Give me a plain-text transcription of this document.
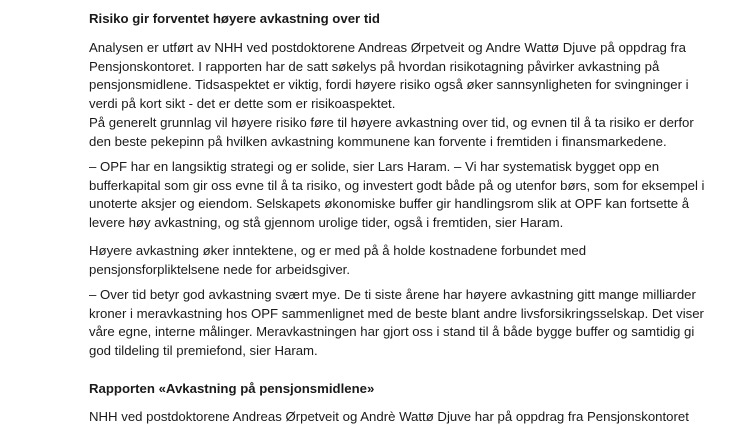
Risiko gir forventet høyere avkastning over tid

Analysen er utført av NHH ved postdoktorene Andreas Ørpetveit og Andre Wattø Djuve på oppdrag fra
Pensjonskontoret. I rapporten har de satt søkelys på hvordan risikotagning påvirker avkastning på
pensjonsmidlene. Tidsaspektet er viktig, fordi høyere risiko også øker sannsynligheten for svingninger i
verdi på kort sikt - det er dette som er risikoaspektet.

På generelt grunnlag vil høyere risiko føre til høyere avkastning over tid, og evnen til å ta risiko er derfor
den beste pekepinn på hvilken avkastning kommunene kan forvente i fremtiden i finansmarkedene.

– OPF har en langsiktig strategi og er solide, sier Lars Haram. – Vi har systematisk bygget opp en
bufferkapital som gir oss evne til å ta risiko, og investert godt både på og utenfor børs, som for eksempel i
unoterte aksjer og eiendom. Selskapets økonomiske buffer gir handlingsrom slik at OPF kan fortsette å
levere høy avkastning, og stå gjennom urolige tider, også i fremtiden, sier Haram.

Høyere avkastning øker inntektene, og er med på å holde kostnadene forbundet med
pensjonsforpliktelsene nede for arbeidsgiver.

– Over tid betyr god avkastning svært mye. De ti siste årene har høyere avkastning gitt mange milliarder
kroner i meravkastning hos OPF sammenlignet med de beste blant andre livsforsikringsselskap. Det viser
våre egne, interne målinger. Meravkastningen har gjort oss i stand til å både bygge buffer og samtidig gi
god tildeling til premiefond, sier Haram.

Rapporten «Avkastning på pensjonsmidlene»

NHH ved postdoktorene Andreas Ørpetveit og Andrè Wattø Djuve har på oppdrag fra Pensjonskontoret
